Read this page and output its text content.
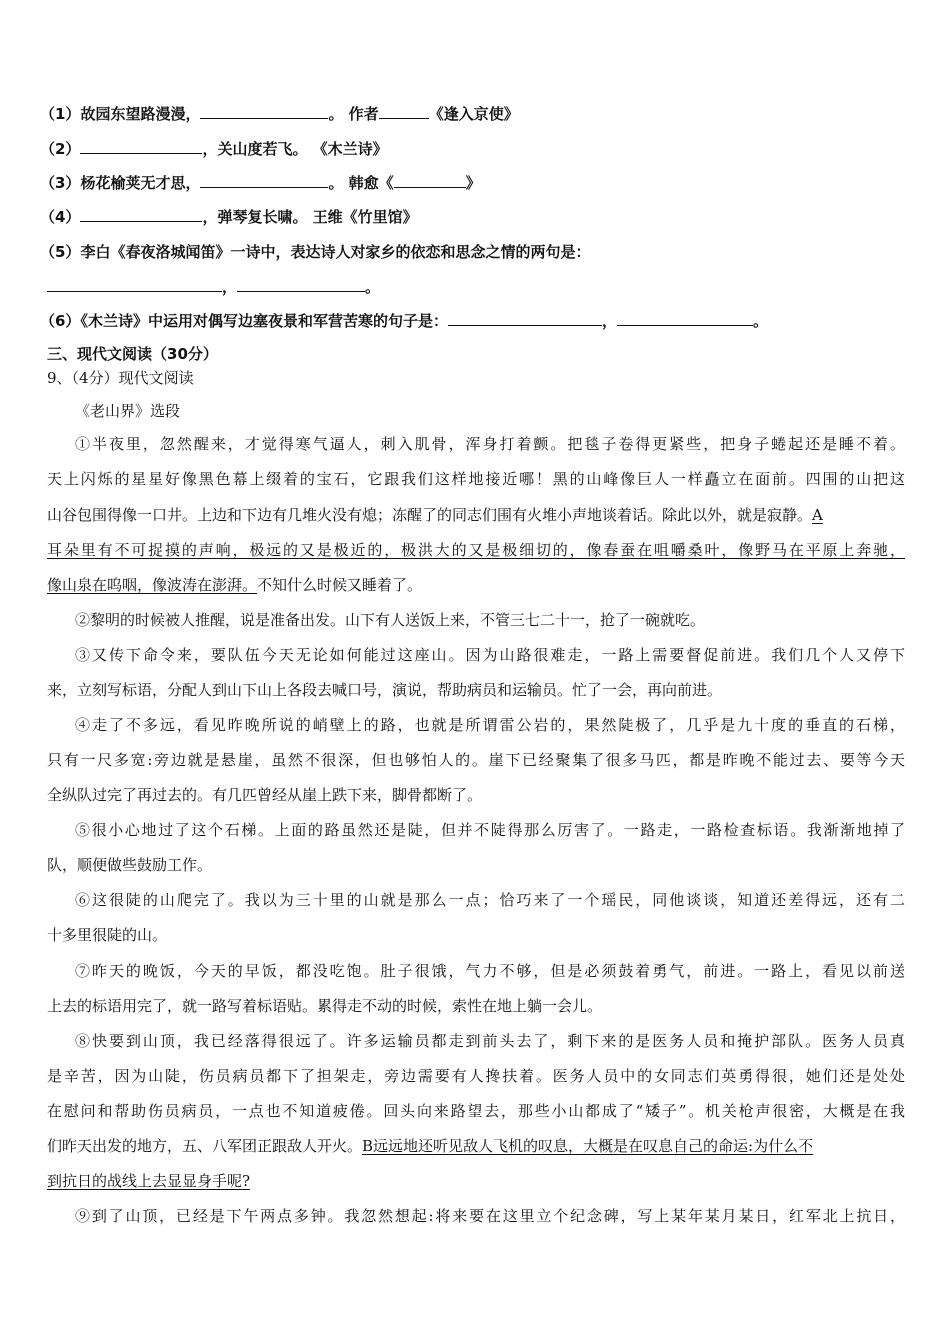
（1）故园东望路漫漫，	。 作者	《逢入京使》
（2）	，关山度若飞。 《木兰诗》
（3）杨花榆荚无才思，	。 韩愈《	》
（4）	，弹琴复长啸。 王维《竹里馆》
（5）李白《春夜洛城闻笛》一诗中，表达诗人对家乡的依恋和思念之情的两句是：
，	。
（6）《木兰诗》中运用对偶写边塞夜景和军营苦寒的句子是：	，	。
三、现代文阅读（30分）
9、（4分）现代文阅读
《老山界》选段
①半夜里，忽然醒来，才觉得寒气逼人，刺入肌骨，浑身打着颤。把毯子卷得更紧些，把身子蜷起还是睡不着。
天上闪烁的星星好像黑色幕上缀着的宝石，它跟我们这样地接近哪！黑的山峰像巨人一样矗立在面前。四围的山把这
山谷包围得像一口井。上边和下边有几堆火没有熄；冻醒了的同志们围有火堆小声地谈着话。除此以外，就是寂静。A
耳朵里有不可捉摸的声响，极远的又是极近的，极洪大的又是极细切的，像春蚕在咀嚼桑叶，像野马在平原上奔驰，
像山泉在呜咽，像波涛在澎湃。不知什么时候又睡着了。
②黎明的时候被人推醒，说是准备出发。山下有人送饭上来，不管三七二十一，抢了一碗就吃。
③又传下命令来，要队伍今天无论如何能过这座山。因为山路很难走，一路上需要督促前进。我们几个人又停下
来，立刻写标语，分配人到山下山上各段去喊口号，演说，帮助病员和运输员。忙了一会，再向前进。
④走了不多远，看见昨晚所说的峭壁上的路，也就是所谓雷公岩的，果然陡极了，几乎是九十度的垂直的石梯，
只有一尺多宽:旁边就是悬崖，虽然不很深，但也够怕人的。崖下已经聚集了很多马匹，都是昨晚不能过去、要等今天
全纵队过完了再过去的。有几匹曾经从崖上跌下来，脚骨都断了。
⑤很小心地过了这个石梯。上面的路虽然还是陡，但并不陡得那么厉害了。一路走，一路检查标语。我渐渐地掉了
队，顺便做些鼓励工作。
⑥这很陡的山爬完了。我以为三十里的山就是那么一点；恰巧来了一个瑶民，同他谈谈，知道还差得远，还有二
十多里很陡的山。
⑦昨天的晚饭，今天的早饭，都没吃饱。肚子很饿，气力不够，但是必须鼓着勇气，前进。一路上，看见以前送
上去的标语用完了，就一路写着标语贴。累得走不动的时候，索性在地上躺一会儿。
⑧快要到山顶，我已经落得很远了。许多运输员都走到前头去了，剩下来的是医务人员和掩护部队。医务人员真
是辛苦，因为山陡，伤员病员都下了担架走，旁边需要有人搀扶着。医务人员中的女同志们英勇得很，她们还是处处
在慰问和帮助伤员病员，一点也不知道疲倦。回头向来路望去，那些小山都成了“矮子”。机关枪声很密，大概是在我
们昨天出发的地方，五、八军团正跟敌人开火。B远远地还听见敌人飞机的叹息，大概是在叹息自己的命运:为什么不
到抗日的战线上去显显身手呢?
⑨到了山顶，已经是下午两点多钟。我忽然想起:将来要在这里立个纪念碑，写上某年某月某日，红军北上抗日，
